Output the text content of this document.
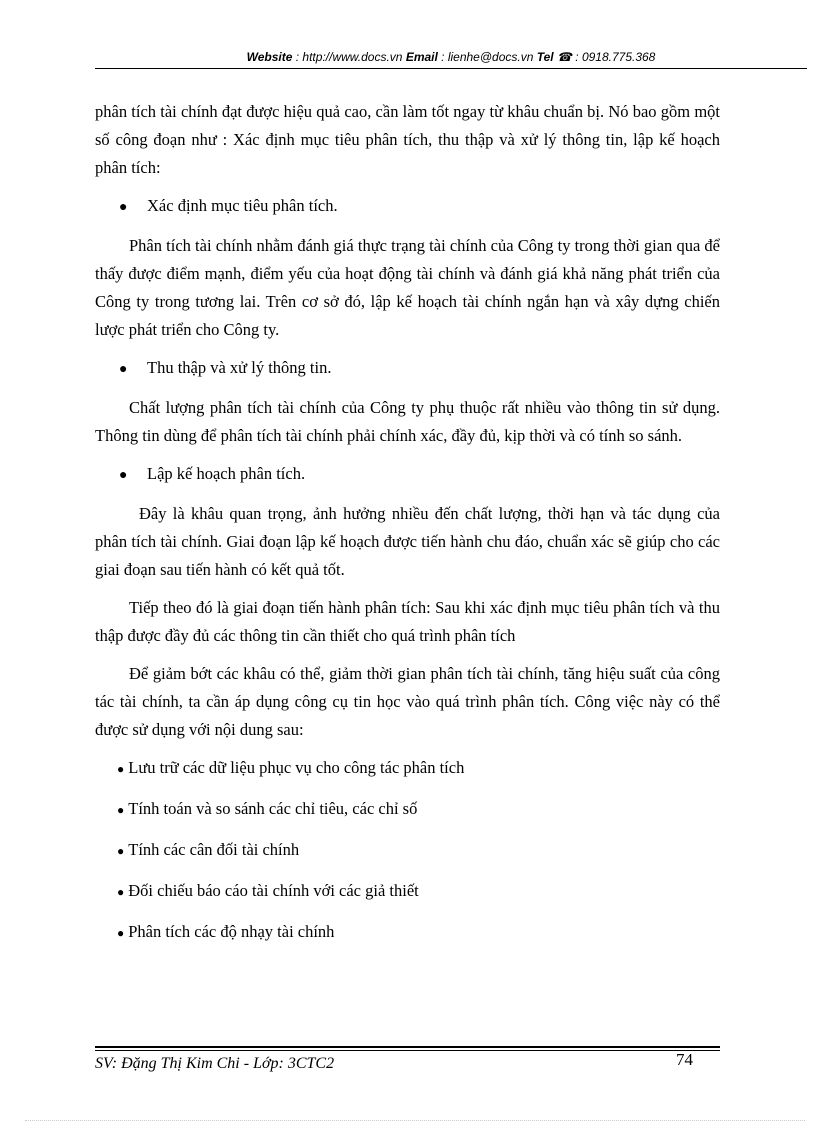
Website : http://www.docs.vn Email : lienhe@docs.vn Tel ☎ : 0918.775.368

phân tích tài chính đạt được hiệu quả cao, cần làm tốt ngay từ khâu chuẩn bị. Nó bao gồm một số công đoạn như : Xác định mục tiêu phân tích, thu thập và xử lý thông tin, lập kế hoạch phân tích:

●	Xác định mục tiêu phân tích.

Phân tích tài chính nhằm đánh giá thực trạng tài chính của Công ty trong thời gian qua để thấy được điểm mạnh, điểm yếu của hoạt động tài chính và đánh giá khả năng phát triển của Công ty trong tương lai. Trên cơ sở đó, lập kế hoạch tài chính ngắn hạn và xây dựng chiến lược phát triển cho Công ty.

●	Thu thập và xử lý thông tin.

Chất lượng phân tích tài chính của Công ty phụ thuộc rất nhiều vào thông tin sử dụng. Thông tin dùng để phân tích tài chính phải chính xác, đầy đủ, kịp thời và có tính so sánh.

●	Lập kế hoạch phân tích.

Đây là khâu quan trọng, ảnh hưởng nhiều đến chất lượng, thời hạn và tác dụng của phân tích tài chính. Giai đoạn lập kế hoạch được tiến hành chu đáo, chuẩn xác sẽ giúp cho các giai đoạn sau tiến hành có kết quả tốt.

Tiếp theo đó là giai đoạn tiến hành phân tích: Sau khi xác định mục tiêu phân tích và thu thập được đầy đủ các thông tin cần thiết cho quá trình phân tích

Để giảm bớt các khâu có thể, giảm thời gian phân tích tài chính, tăng hiệu suất của công tác tài chính, ta cần áp dụng công cụ tin học vào quá trình phân tích. Công việc này có thể được sử dụng với nội dung sau:

● Lưu trữ các dữ liệu phục vụ cho công tác phân tích
● Tính toán và so sánh các chỉ tiêu, các chỉ số
● Tính các cân đối tài chính
● Đối chiếu báo cáo tài chính với các giả thiết
● Phân tích các độ nhạy tài chính
SV: Đặng Thị Kim Chi - Lớp: 3CTC2	74
